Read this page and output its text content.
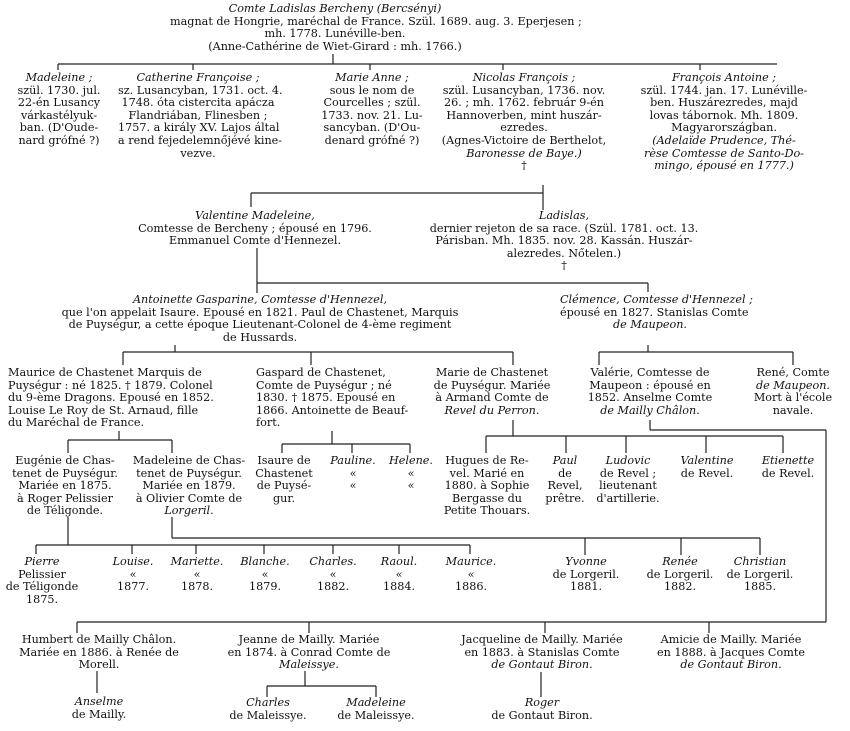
Comte Ladislas Bercheny (Bercsényi)
magnat de Hongrie, maréchal de France. Szül. 1689. aug. 3. Eperjesen ;
mh. 1778. Lunéville-ben.
(Anne-Cathérine de Wiet-Girard : mh. 1766.)
Madeleine ;
szül. 1730. jul.
22-én Lusancy
várkastélyuk-
ban. (D'Oude-
nard grófné ?)
Catherine Françoise ;
sz. Lusancyban, 1731. oct. 4.
1748. óta cistercita apácza
Flandriában, Flinesben ;
1757. a király XV. Lajos által
a rend fejedelemnőjévé kine-
vezve.
Marie Anne ;
sous le nom de
Courcelles ; szül.
1733. nov. 21. Lu-
sancyban. (D'Ou-
denard grófné ?)
Nicolas François ;
szül. Lusancyban, 1736. nov.
26. ; mh. 1762. február 9-én
Hannoverben, mint huszár-
ezredes.
(Agnes-Victoire de Berthelot,
Baronesse de Baye.)
†
François Antoine ;
szül. 1744. jan. 17. Lunéville-
ben. Huszárezredes, majd
lovas tábornok. Mh. 1809.
Magyarországban.
(Adelaïde Prudence, Thé-
rèse Comtesse de Santo-Do-
mingo, épousé en 1777.)
Valentine Madeleine,
Comtesse de Bercheny ; épousé en 1796.
Emmanuel Comte d'Hennezel.
Ladislas,
dernier rejeton de sa race. (Szül. 1781. oct. 13.
Párisban. Mh. 1835. nov. 28. Kassán. Huszár-
alezredes. Nőtelen.)
†
Antoinette Gasparine, Comtesse d'Hennezel,
que l'on appelait Isaure. Epousé en 1821. Paul de Chastenet, Marquis
de Puységur, a cette époque Lieutenant-Colonel de 4-ème regiment
de Hussards.
Clémence, Comtesse d'Hennezel ;
épousé en 1827. Stanislas Comte
de Maupeon.
Maurice de Chastenet Marquis de
Puységur : né 1825. † 1879. Colonel
du 9-ème Dragons. Epousé en 1852.
Louise Le Roy de St. Arnaud, fille
du Maréchal de France.
Gaspard de Chastenet,
Comte de Puységur ; né
1830. † 1875. Epousé en
1866. Antoinette de Beauf-
fort.
Marie de Chastenet
de Puységur. Mariée
à Armand Comte de
Revel du Perron.
Valérie, Comtesse de
Maupeon : épousé en
1852. Anselme Comte
de Mailly Châlon.
René, Comte
de Maupeon.
Mort à l'école
navale.
Eugénie de Chas-
tenet de Puységur.
Mariée en 1875.
à Roger Pelissier
de Téligonde.
Madeleine de Chas-
tenet de Puységur.
Mariée en 1879.
à Olivier Comte de
Lorgeril.
Isaure de
Chastenet
de Puysé-
gur.
Pauline.
«
«
Helene.
«
«
Hugues de Re-
vel. Marié en
1880. à Sophie
Bergasse du
Petite Thouars.
Paul
de
Revel,
prêtre.
Ludovic
de Revel ;
lieutenant
d'artillerie.
Valentine
de Revel.
Etienette
de Revel.
Pierre
Pelissier
de Téligonde
1875.
Louise.
«
1877.
Mariette.
«
1878.
Blanche.
«
1879.
Charles.
«
1882.
Raoul.
«
1884.
Maurice.
«
1886.
Yvonne
de Lorgeril.
1881.
Renée
de Lorgeril.
1882.
Christian
de Lorgeril.
1885.
Humbert de Mailly Châlon.
Mariée en 1886. à Renée de
Morell.
Jeanne de Mailly. Mariée
en 1874. à Conrad Comte de
Maleissye.
Jacqueline de Mailly. Mariée
en 1883. à Stanislas Comte
de Gontaut Biron.
Amicie de Mailly. Mariée
en 1888. à Jacques Comte
de Gontaut Biron.
Anselme
de Mailly.
Charles
de Maleissye.
Madeleine
de Maleissye.
Roger
de Gontaut Biron.
